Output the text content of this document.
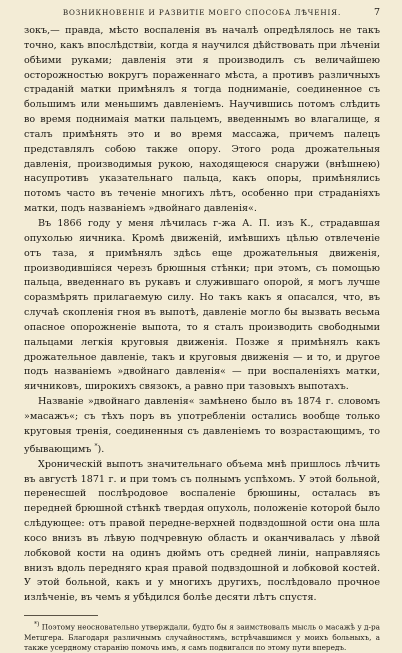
ВОЗНИКНОВЕНІЕ И РАЗВИТІЕ МОЕГО СПОСОБА ЛѢЧЕНІЯ.	7

зокъ,— правда, мѣсто воспаленія въ началѣ опредѣлялось не такъ точно, какъ впослѣдствіи, когда я научился дѣйствовать при лѣченіи обѣими руками; давленія эти я производилъ съ величайшею осторожностью вокругъ пораженнаго мѣста, а противъ различныхъ страданій матки примѣнялъ я тогда подниманіе, соединенное съ большимъ или меньшимъ давленіемъ. Научившись потомъ слѣдить во время поднимаія матки пальцемъ, введеннымъ во влагалище, я сталъ примѣнять это и во время массажа, причемъ палецъ представлялъ собою также опору. Этого рода дрожательныя давленія, производимыя рукою, находящеюся снаружи (внѣшнею) насупротивъ указательнаго пальца, какъ опоры, примѣнялись потомъ часто въ теченіе многихъ лѣтъ, особенно при страданіяхъ матки, подъ названіемъ »двойнаго давленія«.

Въ 1866 году у меня лѣчилась г-жа А. П. изъ К., страдавшая опухолью яичника. Кромѣ движеній, имѣвшихъ цѣлью отвлеченіе отъ таза, я примѣнялъ здѣсь еще дрожательныя движенія, производившіяся черезъ брюшныя стѣнки; при этомъ, съ помощью пальца, введеннаго въ рукавъ и служившаго опорой, я могъ лучше соразмѣрять прилагаемую силу. Но такъ какъ я опасался, что, въ случаѣ скопленія гноя въ выпотѣ, давленіе могло бы вызвать весьма опасное опорожненіе выпота, то я сталъ производить свободными пальцами легкія круговыя движенія. Позже я примѣнялъ какъ дрожательное давленіе, такъ и круговыя движенія — и то, и другое подъ названіемъ »двойнаго давленія« — при воспаленіяхъ матки, яичниковъ, широкихъ связокъ, а равно при тазовыхъ выпотахъ.

Названіе »двойнаго давленія« замѣнено было въ 1874 г. словомъ »масажъ«; съ тѣхъ поръ въ употребленіи остались вообще только круговыя тренія, соединенныя съ давленіемъ то возрастающимъ, то убывающимъ *).

Хроническій выпотъ значительнаго объема мнѣ пришлось лѣчить въ августѣ 1871 г. и при томъ съ полнымъ успѣхомъ. У этой больной, перенесшей послѣродовое воспаленіе брюшины, осталась въ передней брюшной стѣнкѣ твердая опухоль, положеніе которой было слѣдующее: отъ правой передне-верхней подвздошной ости она шла косо внизъ въ лѣвую подчревную область и оканчивалась у лѣвой лобковой кости на одинъ дюймъ отъ средней линіи, направляясь внизъ вдоль передняго края правой подвздошной и лобковой костей. У этой больной, какъ и у многихъ другихъ, послѣдовало прочное излѣченіе, въ чемъ я убѣдился болѣе десяти лѣтъ спустя.

*) Поэтому неосновательно утверждали, будто бы я заимствовалъ мысль о масажѣ у д-ра Метцгера. Благодаря различнымъ случайностямъ, встрѣчавшимся у моихъ больныхъ, а также усердному старанію помочь имъ, я самъ подвигался по этому пути впередъ.
